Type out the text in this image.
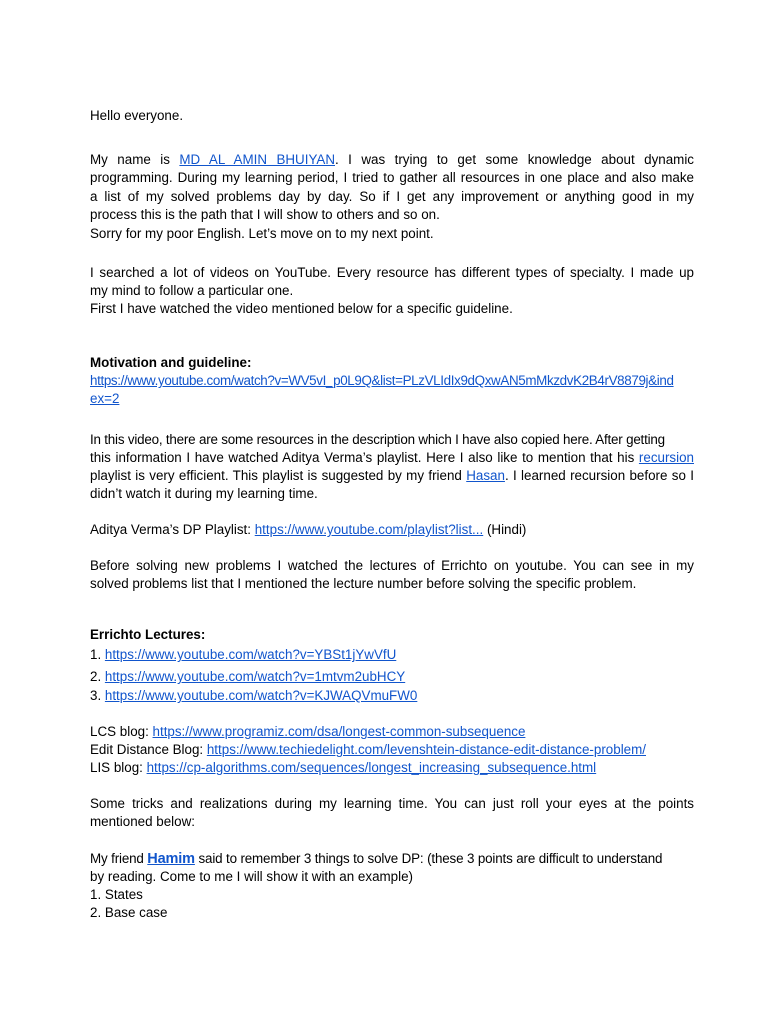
Hello everyone.
My name is MD AL AMIN BHUIYAN. I was trying to get some knowledge about dynamic
programming. During my learning period, I tried to gather all resources in one place and also make
a list of my solved problems day by day. So if I get any improvement or anything good in my
process this is the path that I will show to others and so on.
Sorry for my poor English. Let’s move on to my next point.
I searched a lot of videos on YouTube. Every resource has different types of specialty. I made up
my mind to follow a particular one.
First I have watched the video mentioned below for a specific guideline.
Motivation and guideline:
https://www.youtube.com/watch?v=WV5vI_p0L9Q&list=PLzVLIdIx9dQxwAN5mMkzdvK2B4rV8879j&ind
ex=2
In this video, there are some resources in the description which I have also copied here. After getting
this information I have watched Aditya Verma’s playlist. Here I also like to mention that his recursion
playlist is very efficient. This playlist is suggested by my friend Hasan. I learned recursion before so I
didn’t watch it during my learning time.
Aditya Verma’s DP Playlist: https://www.youtube.com/playlist?list... (Hindi)
Before solving new problems I watched the lectures of Errichto on youtube. You can see in my
solved problems list that I mentioned the lecture number before solving the specific problem.
Errichto Lectures:
1. https://www.youtube.com/watch?v=YBSt1jYwVfU
2. https://www.youtube.com/watch?v=1mtvm2ubHCY
3. https://www.youtube.com/watch?v=KJWAQVmuFW0
LCS blog: https://www.programiz.com/dsa/longest-common-subsequence
Edit Distance Blog: https://www.techiedelight.com/levenshtein-distance-edit-distance-problem/
LIS blog: https://cp-algorithms.com/sequences/longest_increasing_subsequence.html
Some tricks and realizations during my learning time. You can just roll your eyes at the points
mentioned below:
My friend Hamim said to remember 3 things to solve DP: (these 3 points are difficult to understand
by reading. Come to me I will show it with an example)
1. States
2. Base case
